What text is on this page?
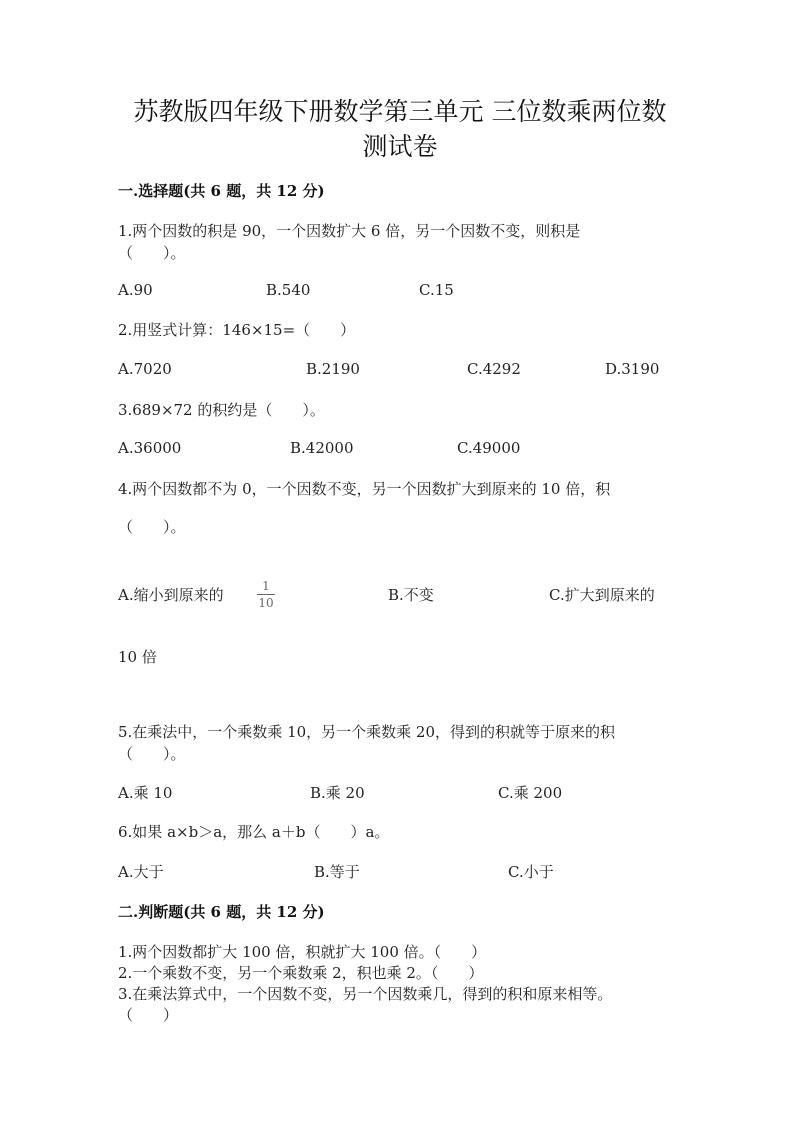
苏教版四年级下册数学第三单元 三位数乘两位数
测试卷
一.选择题(共 6 题，共 12 分)
1.两个因数的积是 90，一个因数扩大 6 倍，另一个因数不变，则积是
（　　）。
A.90	B.540	C.15
2.用竖式计算：146×15=（　　）
A.7020	B.2190	C.4292	D.3190
3.689×72 的积约是（　　）。
A.36000	B.42000	C.49000
4.两个因数都不为 0，一个因数不变，另一个因数扩大到原来的 10 倍，积
（　　）。
A.缩小到原来的	1
10	B.不变	C.扩大到原来的
10 倍
5.在乘法中，一个乘数乘 10，另一个乘数乘 20，得到的积就等于原来的积
（　　）。
A.乘 10	B.乘 20	C.乘 200
6.如果 a×b＞a，那么 a＋b（　　）a。
A.大于	B.等于	C.小于
二.判断题(共 6 题，共 12 分)
1.两个因数都扩大 100 倍，积就扩大 100 倍。（　　）
2.一个乘数不变，另一个乘数乘 2，积也乘 2。（　　）
3.在乘法算式中，一个因数不变，另一个因数乘几，得到的积和原来相等。
（　　）
